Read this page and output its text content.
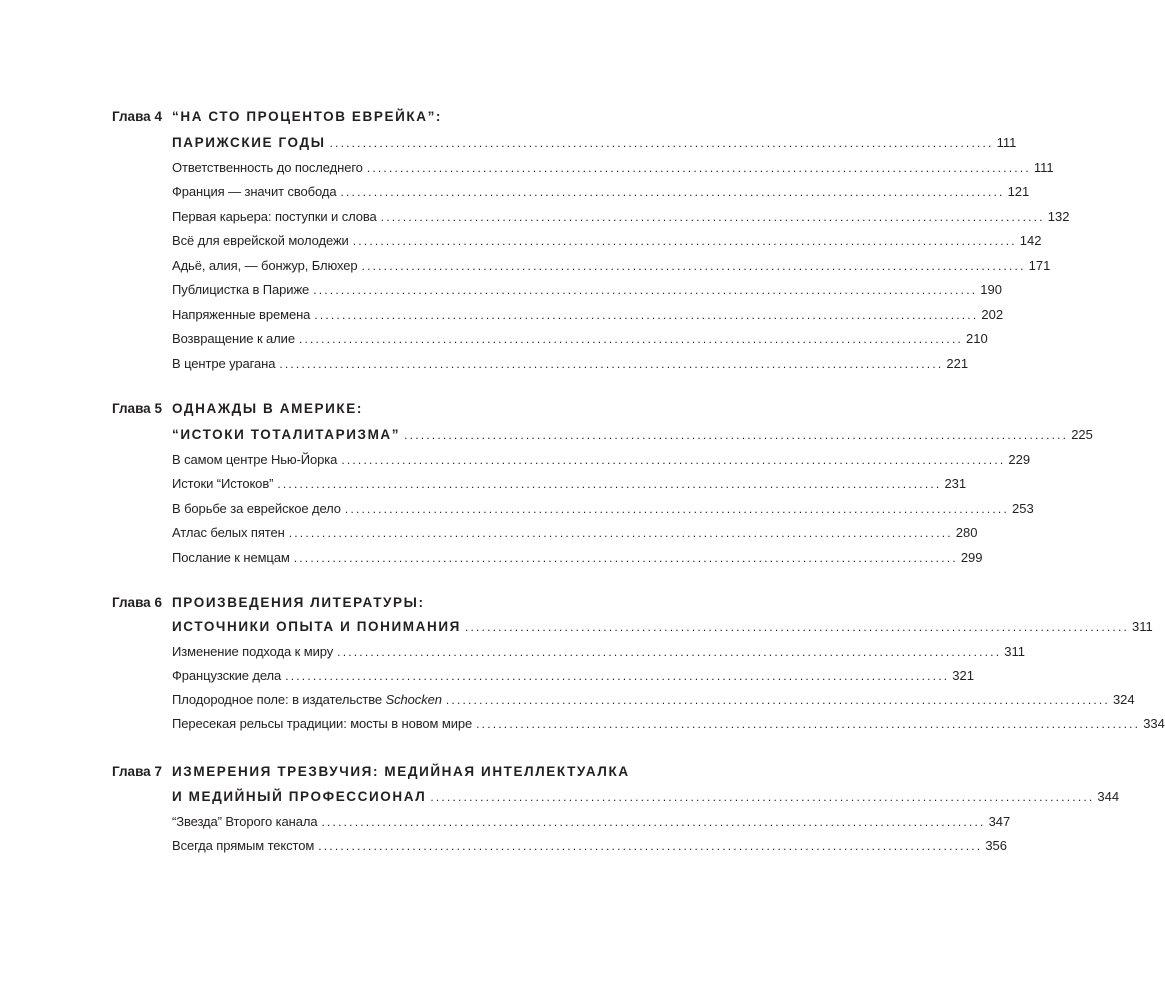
Глава 4 “НА СТО ПРОЦЕНТОВ ЕВРЕЙКА”:
ПАРИЖСКИЕ ГОДЫ ........................................................................................................................ 111
Ответственность до последнего ........................................................................................................................ 111
Франция — значит свобода ........................................................................................................................ 121
Первая карьера: поступки и слова ........................................................................................................................ 132
Всё для еврейской молодежи ........................................................................................................................ 142
Адьё, алия, — бонжур, Блюхер ........................................................................................................................ 171
Публицистка в Париже ........................................................................................................................ 190
Напряженные времена ........................................................................................................................ 202
Возвращение к алие ........................................................................................................................ 210
В центре урагана ........................................................................................................................ 221
Глава 5 ОДНАЖДЫ В АМЕРИКЕ:
“ИСТОКИ ТОТАЛИТАРИЗМА” ........................................................................................................................ 225
В самом центре Нью-Йорка ........................................................................................................................ 229
Истоки “Истоков” ........................................................................................................................ 231
В борьбе за еврейское дело ........................................................................................................................ 253
Атлас белых пятен ........................................................................................................................ 280
Послание к немцам ........................................................................................................................ 299
Глава 6 ПРОИЗВЕДЕНИЯ ЛИТЕРАТУРЫ:
ИСТОЧНИКИ ОПЫТА И ПОНИМАНИЯ ........................................................................................................................ 311
Изменение подхода к миру ........................................................................................................................ 311
Французские дела ........................................................................................................................ 321
Плодородное поле: в издательстве Schocken ........................................................................................................................ 324
Пересекая рельсы традиции: мосты в новом мире ........................................................................................................................ 334
Глава 7 ИЗМЕРЕНИЯ ТРЕЗВУЧИЯ: МЕДИЙНАЯ ИНТЕЛЛЕКТУАЛКА
И МЕДИЙНЫЙ ПРОФЕССИОНАЛ ........................................................................................................................ 344
“Звезда” Второго канала ........................................................................................................................ 347
Всегда прямым текстом ........................................................................................................................ 356
